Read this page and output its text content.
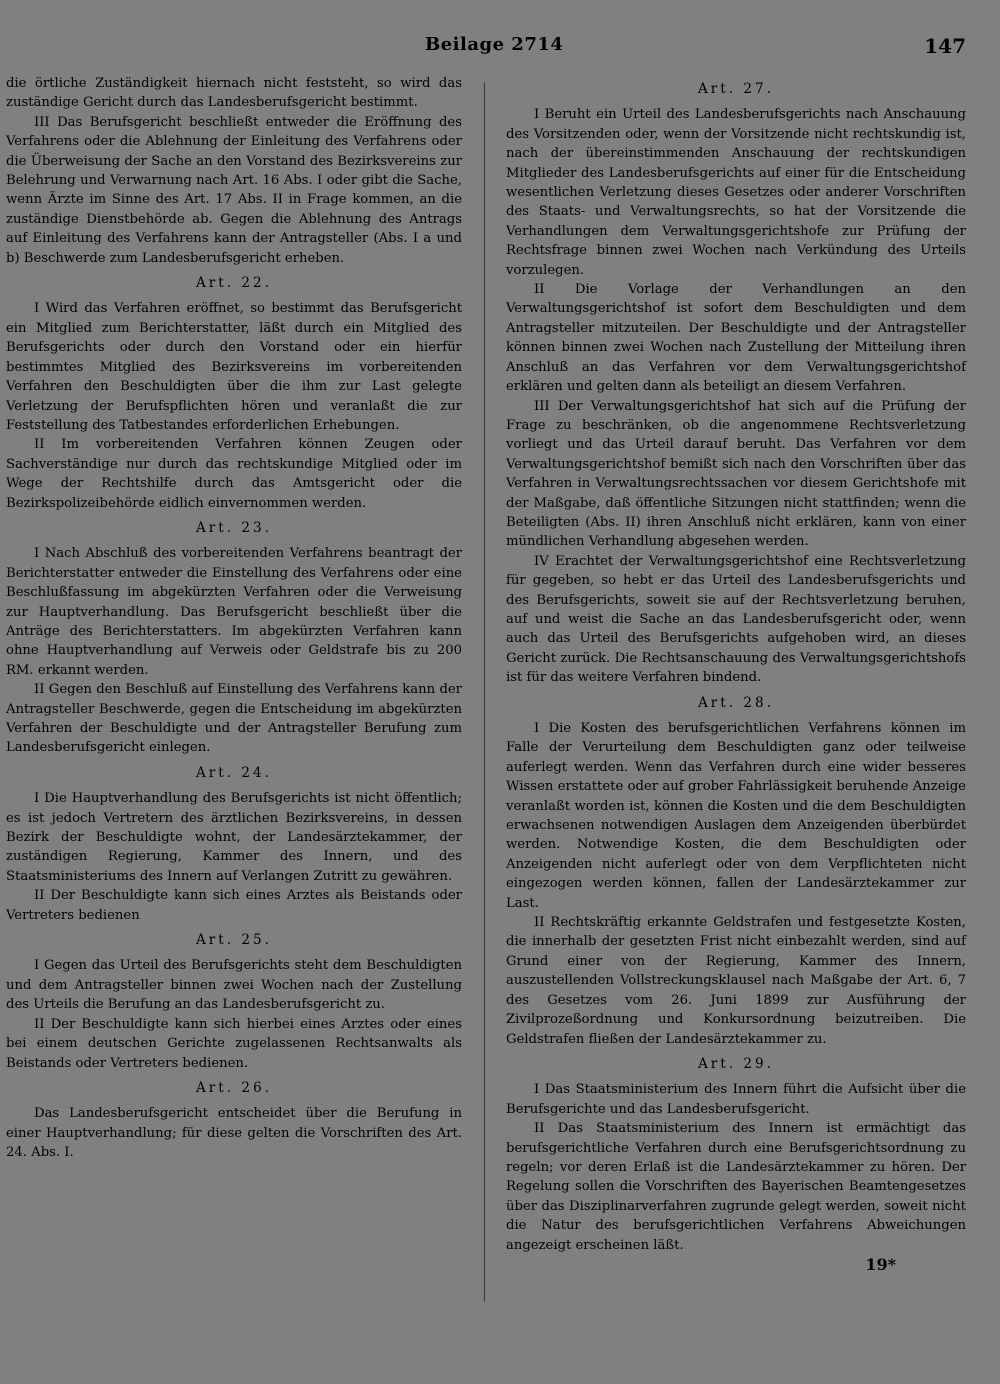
Beilage 2714	147

die örtliche Zuständigkeit hiernach nicht feststeht, so wird das zuständige Gericht durch das Landesberufsgericht bestimmt.

III Das Berufsgericht beschließt entweder die Eröffnung des Verfahrens oder die Ablehnung der Einleitung des Verfahrens oder die Überweisung der Sache an den Vorstand des Bezirksvereins zur Belehrung und Verwarnung nach Art. 16 Abs. I oder gibt die Sache, wenn Ärzte im Sinne des Art. 17 Abs. II in Frage kommen, an die zuständige Dienstbehörde ab. Gegen die Ablehnung des Antrags auf Einleitung des Verfahrens kann der Antragsteller (Abs. I a und b) Beschwerde zum Landesberufsgericht erheben.

Art. 22.

I Wird das Verfahren eröffnet, so bestimmt das Berufsgericht ein Mitglied zum Berichterstatter, läßt durch ein Mitglied des Berufsgerichts oder durch den Vorstand oder ein hierfür bestimmtes Mitglied des Bezirksvereins im vorbereitenden Verfahren den Beschuldigten über die ihm zur Last gelegte Verletzung der Berufspflichten hören und veranlaßt die zur Feststellung des Tatbestandes erforderlichen Erhebungen.

II Im vorbereitenden Verfahren können Zeugen oder Sachverständige nur durch das rechtskundige Mitglied oder im Wege der Rechtshilfe durch das Amtsgericht oder die Bezirkspolizeibehörde eidlich einvernommen werden.

Art. 23.

I Nach Abschluß des vorbereitenden Verfahrens beantragt der Berichterstatter entweder die Einstellung des Verfahrens oder eine Beschlußfassung im abgekürzten Verfahren oder die Verweisung zur Hauptverhandlung. Das Berufsgericht beschließt über die Anträge des Berichterstatters. Im abgekürzten Verfahren kann ohne Hauptverhandlung auf Verweis oder Geldstrafe bis zu 200 RM. erkannt werden.

II Gegen den Beschluß auf Einstellung des Verfahrens kann der Antragsteller Beschwerde, gegen die Entscheidung im abgekürzten Verfahren der Beschuldigte und der Antragsteller Berufung zum Landesberufsgericht einlegen.

Art. 24.

I Die Hauptverhandlung des Berufsgerichts ist nicht öffentlich; es ist jedoch Vertretern des ärztlichen Bezirksvereins, in dessen Bezirk der Beschuldigte wohnt, der Landesärztekammer, der zuständigen Regierung, Kammer des Innern, und des Staatsministeriums des Innern auf Verlangen Zutritt zu gewähren.

II Der Beschuldigte kann sich eines Arztes als Beistands oder Vertreters bedienen

Art. 25.

I Gegen das Urteil des Berufsgerichts steht dem Beschuldigten und dem Antragsteller binnen zwei Wochen nach der Zustellung des Urteils die Berufung an das Landesberufsgericht zu.

II Der Beschuldigte kann sich hierbei eines Arztes oder eines bei einem deutschen Gerichte zugelassenen Rechtsanwalts als Beistands oder Vertreters bedienen.

Art. 26.

Das Landesberufsgericht entscheidet über die Berufung in einer Hauptverhandlung; für diese gelten die Vorschriften des Art. 24. Abs. I.

Art. 27.

I Beruht ein Urteil des Landesberufsgerichts nach Anschauung des Vorsitzenden oder, wenn der Vorsitzende nicht rechtskundig ist, nach der übereinstimmenden Anschauung der rechtskundigen Mitglieder des Landesberufsgerichts auf einer für die Entscheidung wesentlichen Verletzung dieses Gesetzes oder anderer Vorschriften des Staats- und Verwaltungsrechts, so hat der Vorsitzende die Verhandlungen dem Verwaltungsgerichtshofe zur Prüfung der Rechtsfrage binnen zwei Wochen nach Verkündung des Urteils vorzulegen.

II Die Vorlage der Verhandlungen an den Verwaltungsgerichtshof ist sofort dem Beschuldigten und dem Antragsteller mitzuteilen. Der Beschuldigte und der Antragsteller können binnen zwei Wochen nach Zustellung der Mitteilung ihren Anschluß an das Verfahren vor dem Verwaltungsgerichtshof erklären und gelten dann als beteiligt an diesem Verfahren.

III Der Verwaltungsgerichtshof hat sich auf die Prüfung der Frage zu beschränken, ob die angenommene Rechtsverletzung vorliegt und das Urteil darauf beruht. Das Verfahren vor dem Verwaltungsgerichtshof bemißt sich nach den Vorschriften über das Verfahren in Verwaltungsrechtssachen vor diesem Gerichtshofe mit der Maßgabe, daß öffentliche Sitzungen nicht stattfinden; wenn die Beteiligten (Abs. II) ihren Anschluß nicht erklären, kann von einer mündlichen Verhandlung abgesehen werden.

IV Erachtet der Verwaltungsgerichtshof eine Rechtsverletzung für gegeben, so hebt er das Urteil des Landesberufsgerichts und des Berufsgerichts, soweit sie auf der Rechtsverletzung beruhen, auf und weist die Sache an das Landesberufsgericht oder, wenn auch das Urteil des Berufsgerichts aufgehoben wird, an dieses Gericht zurück. Die Rechtsanschauung des Verwaltungsgerichtshofs ist für das weitere Verfahren bindend.

Art. 28.

I Die Kosten des berufsgerichtlichen Verfahrens können im Falle der Verurteilung dem Beschuldigten ganz oder teilweise auferlegt werden. Wenn das Verfahren durch eine wider besseres Wissen erstattete oder auf grober Fahrlässigkeit beruhende Anzeige veranlaßt worden ist, können die Kosten und die dem Beschuldigten erwachsenen notwendigen Auslagen dem Anzeigenden überbürdet werden. Notwendige Kosten, die dem Beschuldigten oder Anzeigenden nicht auferlegt oder von dem Verpflichteten nicht eingezogen werden können, fallen der Landesärztekammer zur Last.

II Rechtskräftig erkannte Geldstrafen und festgesetzte Kosten, die innerhalb der gesetzten Frist nicht einbezahlt werden, sind auf Grund einer von der Regierung, Kammer des Innern, auszustellenden Vollstreckungsklausel nach Maßgabe der Art. 6, 7 des Gesetzes vom 26. Juni 1899 zur Ausführung der Zivilprozeßordnung und Konkursordnung beizutreiben. Die Geldstrafen fließen der Landesärztekammer zu.

Art. 29.

I Das Staatsministerium des Innern führt die Aufsicht über die Berufsgerichte und das Landesberufsgericht.

II Das Staatsministerium des Innern ist ermächtigt das berufsgerichtliche Verfahren durch eine Berufsgerichtsordnung zu regeln; vor deren Erlaß ist die Landesärztekammer zu hören. Der Regelung sollen die Vorschriften des Bayerischen Beamtengesetzes über das Disziplinarverfahren zugrunde gelegt werden, soweit nicht die Natur des berufsgerichtlichen Verfahrens Abweichungen angezeigt erscheinen läßt.

19*
